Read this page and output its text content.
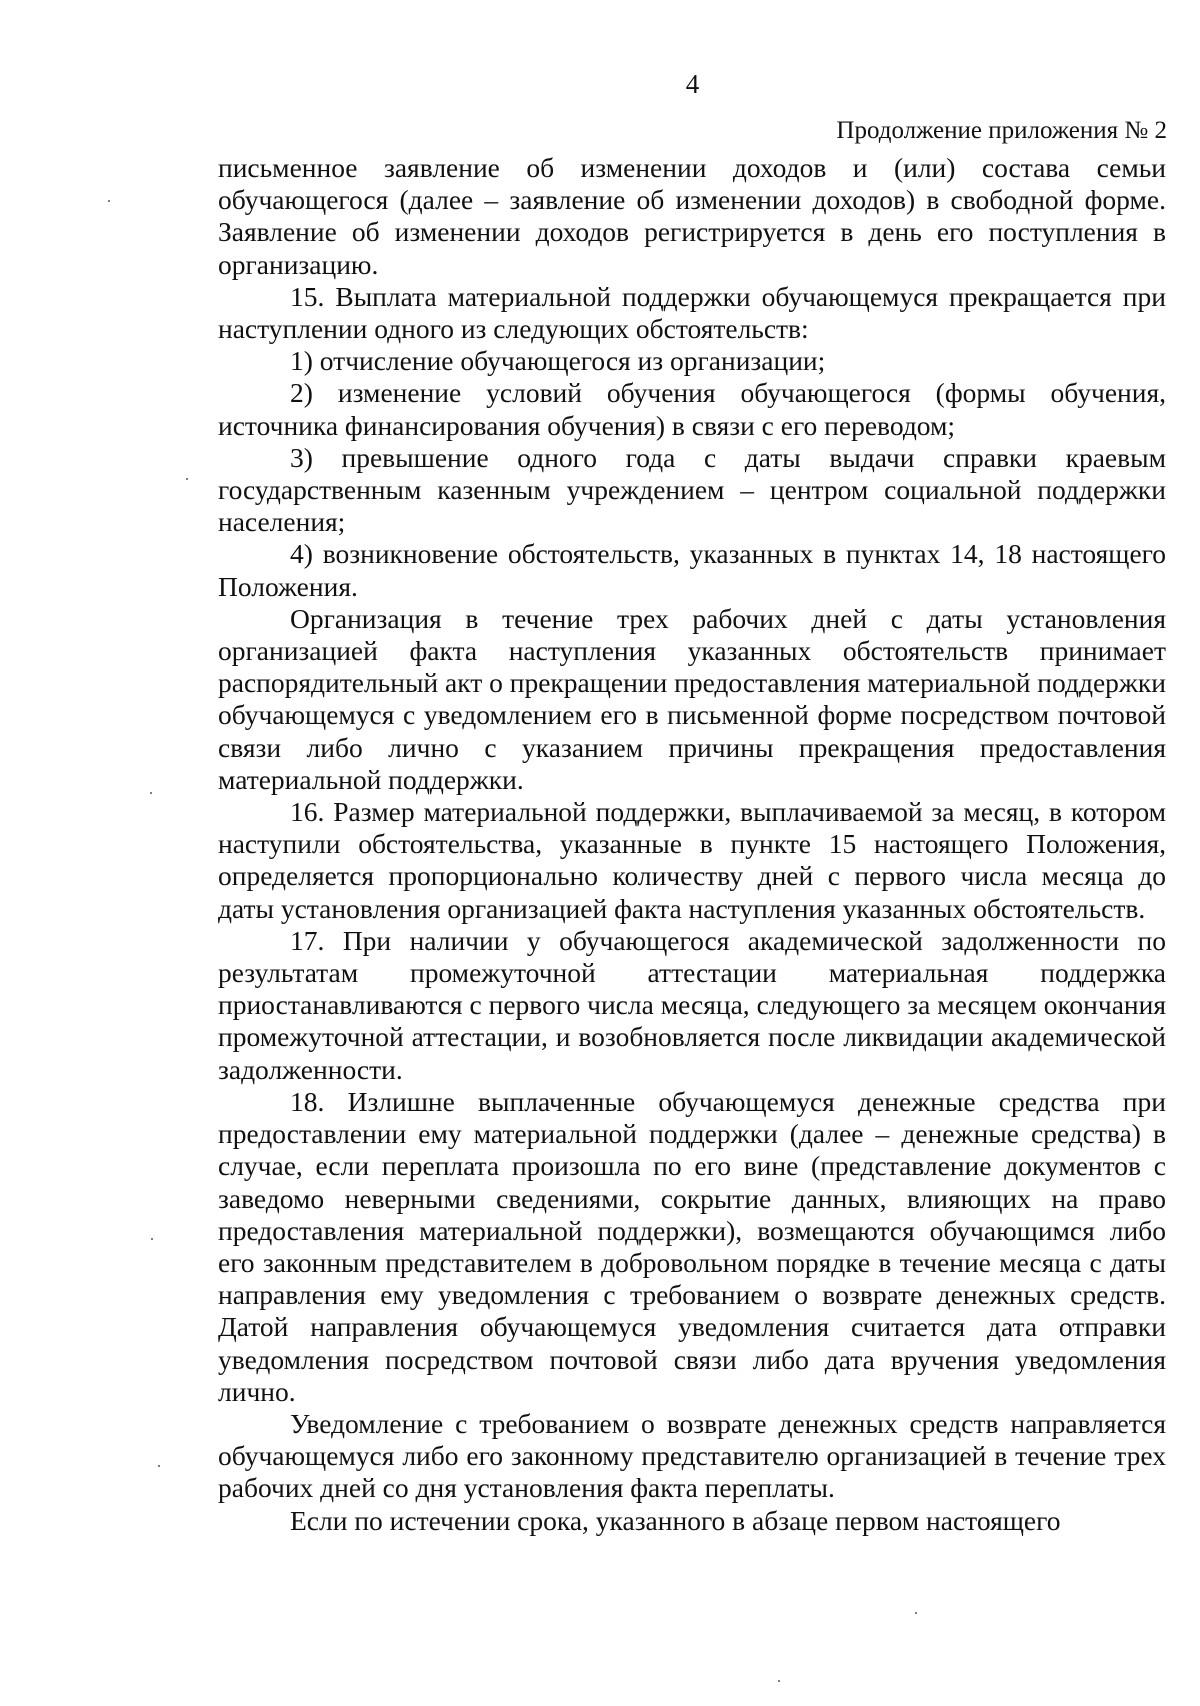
4
Продолжение приложения № 2

письменное заявление об изменении доходов и (или) состава семьи обучающегося (далее – заявление об изменении доходов) в свободной форме. Заявление об изменении доходов регистрируется в день его поступления в организацию.

15. Выплата материальной поддержки обучающемуся прекращается при наступлении одного из следующих обстоятельств:

1) отчисление обучающегося из организации;

2) изменение условий обучения обучающегося (формы обучения, источника финансирования обучения) в связи с его переводом;

3) превышение одного года с даты выдачи справки краевым государственным казенным учреждением – центром социальной поддержки населения;

4) возникновение обстоятельств, указанных в пунктах 14, 18 настоящего Положения.

Организация в течение трех рабочих дней с даты установления организацией факта наступления указанных обстоятельств принимает распорядительный акт о прекращении предоставления материальной поддержки обучающемуся с уведомлением его в письменной форме посредством почтовой связи либо лично с указанием причины прекращения предоставления материальной поддержки.

16. Размер материальной поддержки, выплачиваемой за месяц, в котором наступили обстоятельства, указанные в пункте 15 настоящего Положения, определяется пропорционально количеству дней с первого числа месяца до даты установления организацией факта наступления указанных обстоятельств.

17. При наличии у обучающегося академической задолженности по результатам промежуточной аттестации материальная поддержка приостанавливаются с первого числа месяца, следующего за месяцем окончания промежуточной аттестации, и возобновляется после ликвидации академической задолженности.

18. Излишне выплаченные обучающемуся денежные средства при предоставлении ему материальной поддержки (далее – денежные средства) в случае, если переплата произошла по его вине (представление документов с заведомо неверными сведениями, сокрытие данных, влияющих на право предоставления материальной поддержки), возмещаются обучающимся либо его законным представителем в добровольном порядке в течение месяца с даты направления ему уведомления с требованием о возврате денежных средств. Датой направления обучающемуся уведомления считается дата отправки уведомления посредством почтовой связи либо дата вручения уведомления лично.

Уведомление с требованием о возврате денежных средств направляется обучающемуся либо его законному представителю организацией в течение трех рабочих дней со дня установления факта переплаты.

Если по истечении срока, указанного в абзаце первом настоящего
